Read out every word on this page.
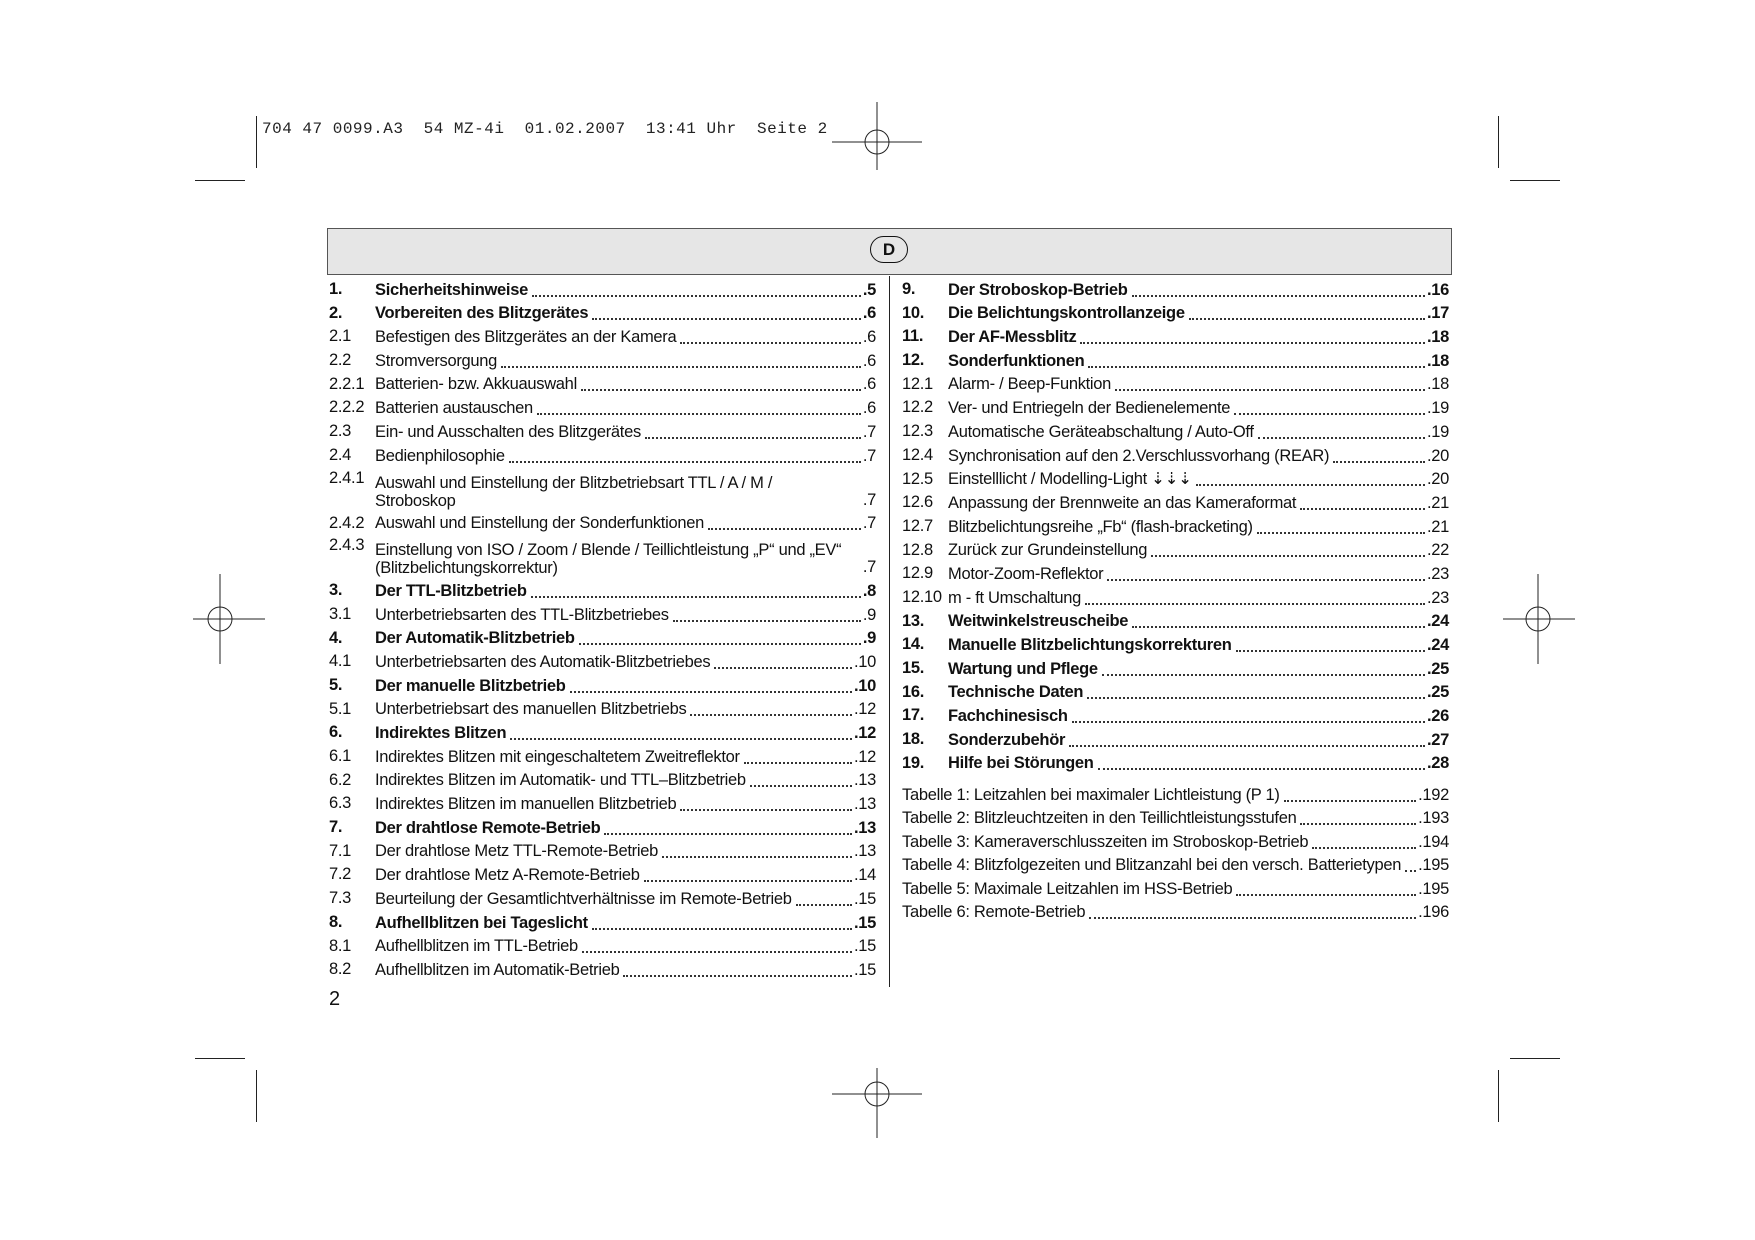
704 47 0099.A3  54 MZ-4i  01.02.2007  13:41 Uhr  Seite 2
D
1.	Sicherheitshinweise	.5
2.	Vorbereiten des Blitzgerätes	.6
2.1	Befestigen des Blitzgerätes an der Kamera	.6
2.2	Stromversorgung	.6
2.2.1 Batterien- bzw. Akkuauswahl	.6
2.2.2 Batterien austauschen	.6
2.3	Ein- und Ausschalten des Blitzgerätes	.7
2.4	Bedienphilosophie	.7
2.4.1 Auswahl und Einstellung der Blitzbetriebsart TTL / A / M / Stroboskop	.7
2.4.2 Auswahl und Einstellung der Sonderfunktionen	.7
2.4.3 Einstellung von ISO / Zoom / Blende / Teillichtleistung „P“ und „EV“ (Blitzbelichtungskorrektur)	.7
3.	Der TTL-Blitzbetrieb	.8
3.1	Unterbetriebsarten des TTL-Blitzbetriebes	.9
4.	Der Automatik-Blitzbetrieb	.9
4.1	Unterbetriebsarten des Automatik-Blitzbetriebes	.10
5.	Der manuelle Blitzbetrieb	.10
5.1	Unterbetriebsart des manuellen Blitzbetriebs	.12
6.	Indirektes Blitzen	.12
6.1	Indirektes Blitzen mit eingeschaltetem Zweitreflektor	.12
6.2	Indirektes Blitzen im Automatik- und TTL–Blitzbetrieb	.13
6.3	Indirektes Blitzen im manuellen Blitzbetrieb	.13
7.	Der drahtlose Remote-Betrieb	.13
7.1	Der drahtlose Metz TTL-Remote-Betrieb	.13
7.2	Der drahtlose Metz A-Remote-Betrieb	.14
7.3	Beurteilung der Gesamtlichtverhältnisse im Remote-Betrieb	.15
8.	Aufhellblitzen bei Tageslicht	.15
8.1	Aufhellblitzen im TTL-Betrieb	.15
8.2	Aufhellblitzen im Automatik-Betrieb	.15
9.	Der Stroboskop-Betrieb	.16
10.	Die Belichtungskontrollanzeige	.17
11.	Der AF-Messblitz	.18
12.	Sonderfunktionen	.18
12.1 Alarm- / Beep-Funktion	.18
12.2 Ver- und Entriegeln der Bedienelemente	.19
12.3 Automatische Geräteabschaltung / Auto-Off	.19
12.4 Synchronisation auf den 2.Verschlussvorhang (REAR)	.20
12.5 Einstelllicht / Modelling-Light ⇣⇣⇣	.20
12.6 Anpassung der Brennweite an das Kameraformat	.21
12.7 Blitzbelichtungsreihe „Fb“ (flash-bracketing)	.21
12.8 Zurück zur Grundeinstellung	.22
12.9 Motor-Zoom-Reflektor	.23
12.10 m - ft Umschaltung	.23
13.	Weitwinkelstreuscheibe	.24
14.	Manuelle Blitzbelichtungskorrekturen	.24
15.	Wartung und Pflege	.25
16.	Technische Daten	.25
17.	Fachchinesisch	.26
18.	Sonderzubehör	.27
19.	Hilfe bei Störungen	.28
Tabelle 1: Leitzahlen bei maximaler Lichtleistung (P 1)	.192
Tabelle 2: Blitzleuchtzeiten in den Teillichtleistungsstufen	.193
Tabelle 3: Kameraverschlusszeiten im Stroboskop-Betrieb	.194
Tabelle 4: Blitzfolgezeiten und Blitzanzahl bei den versch. Batterietypen .195
Tabelle 5: Maximale Leitzahlen im HSS-Betrieb	.195
Tabelle 6: Remote-Betrieb	.196
2
